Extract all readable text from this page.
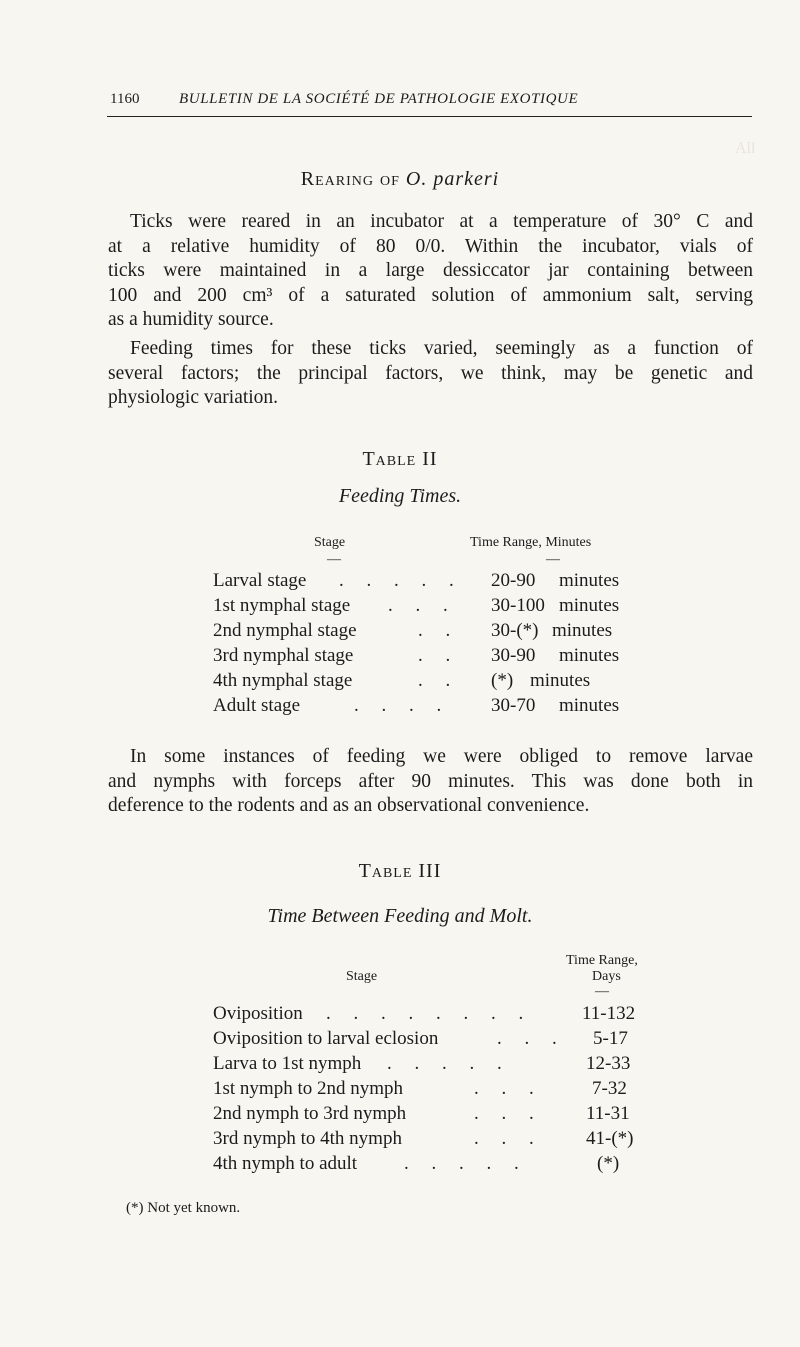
All
1160	BULLETIN DE LA SOCIÉTÉ DE PATHOLOGIE EXOTIQUE
Rearing of O. parkeri
Ticks were reared in an incubator at a temperature of 30° C and
at a relative humidity of 80 0/0. Within the incubator, vials of
ticks were maintained in a large dessiccator jar containing between
100 and 200 cm³ of a saturated solution of ammonium salt, serving
as a humidity source.
Feeding times for these ticks varied, seemingly as a function of
several factors; the principal factors, we think, may be genetic and
physiologic variation.
Table II
Feeding Times.
Stage	Time Range, Minutes
—	—
Larval stage . . . . . 20-90 minutes
1st nymphal stage . . . 30-100 minutes
2nd nymphal stage	. . 30-(*) minutes
3rd nymphal stage	. . 30-90 minutes
4th nymphal stage	. . (*) minutes
Adult stage	. . . . 30-70 minutes
In some instances of feeding we were obliged to remove larvae
and nymphs with forceps after 90 minutes. This was done both in
deference to the rodents and as an observational convenience.
Table III
Time Between Feeding and Molt.
Time Range,
Days
Stage
—
Oviposition . . . . . . . .	11-132
Oviposition to larval eclosion	. . . 5-17
Larva to 1st nymph . . . . .	12-33
1st nymph to 2nd nymph	. . .	7-32
2nd nymph to 3rd nymph	. . . 11-31
3rd nymph to 4th nymph	. . . 41-(*)
4th nymph to adult . . . . .	(*)
(*) Not yet known.
